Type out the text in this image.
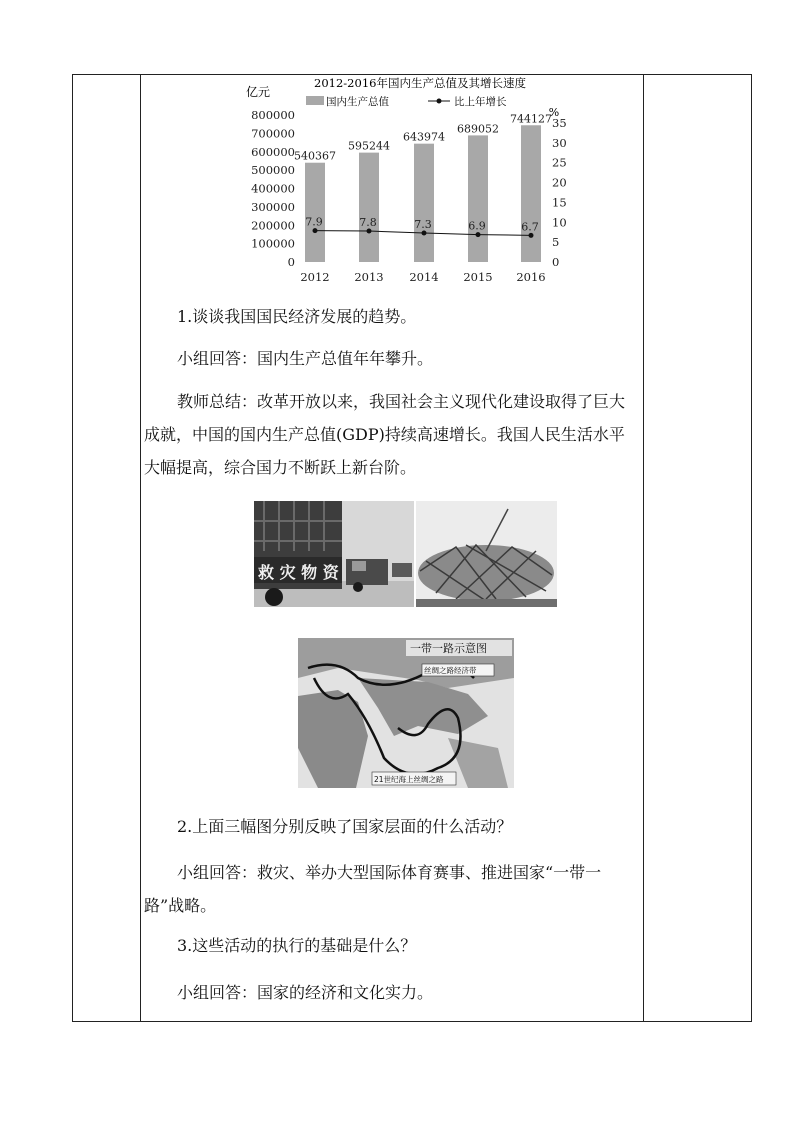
2012-2016年国内生产总值及其增长速度
亿元
%
国内生产总值	比上年增长
0
100000
200000
300000
400000
500000
600000
700000
800000
0
5
10
15
20
25
30
35
540367
595244
643974
689052
744127
7.9	7.8	7.3	6.9	6.7
2012 2013 2014 2015 2016

1.谈谈我国国民经济发展的趋势。

小组回答：国内生产总值年年攀升。

教师总结：改革开放以来，我国社会主义现代化建设取得了巨大成就，中国的国内生产总值(GDP)持续高速增长。我国人民生活水平大幅提高，综合国力不断跃上新台阶。

救 灾 物 资
一带一路示意图
丝绸之路经济带
21世纪海上丝绸之路

2.上面三幅图分别反映了国家层面的什么活动？

小组回答：救灾、举办大型国际体育赛事、推进国家“一带一路”战略。

3.这些活动的执行的基础是什么？

小组回答：国家的经济和文化实力。
